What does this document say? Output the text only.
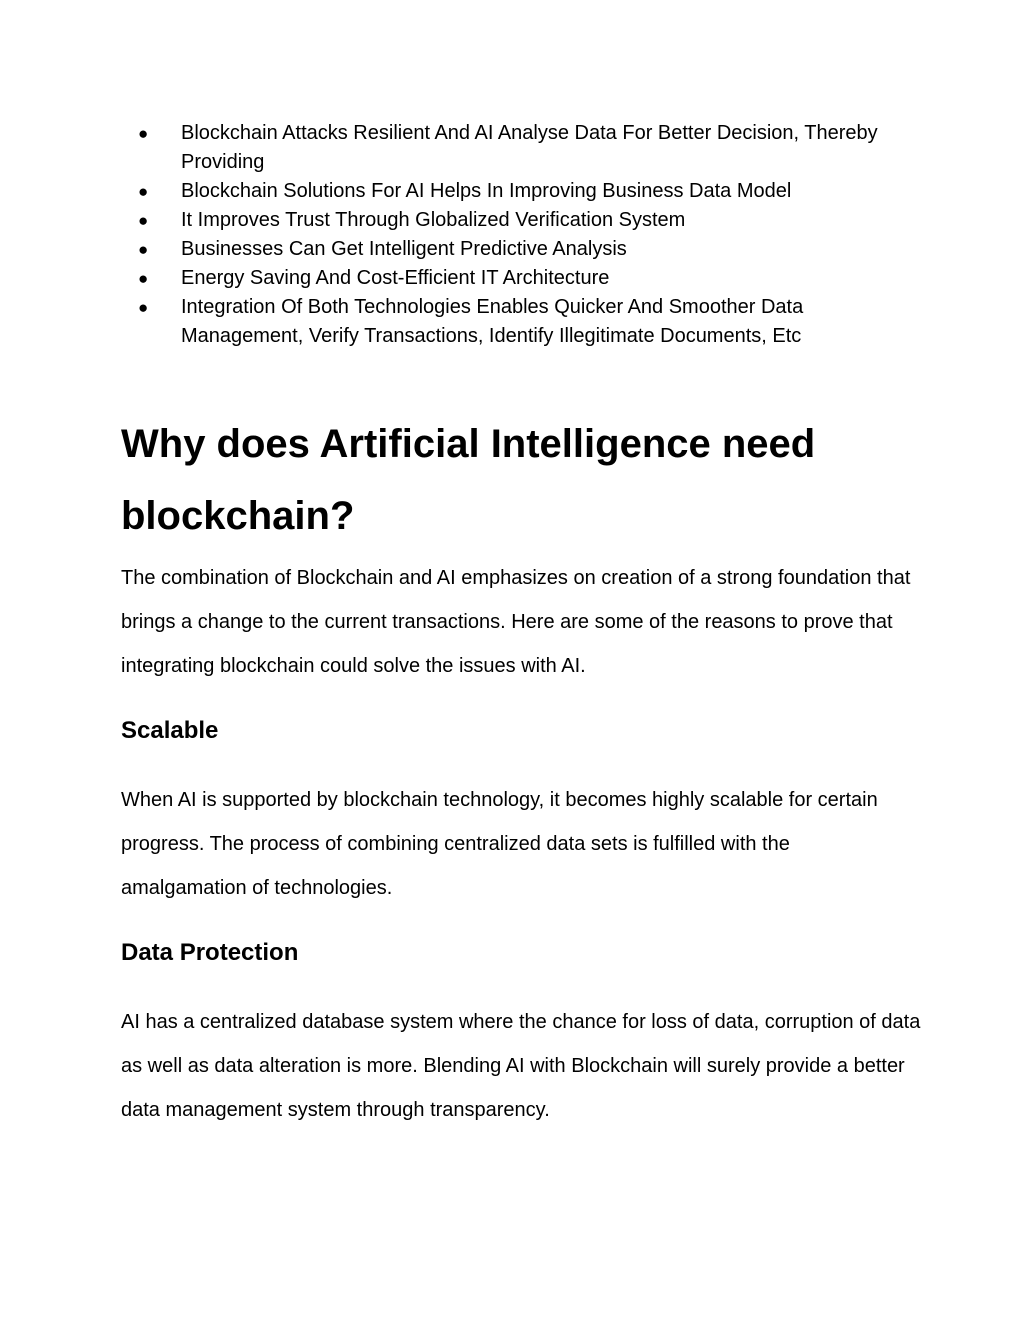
● Blockchain Attacks Resilient And AI Analyse Data For Better Decision, Thereby Providing
● Blockchain Solutions For AI Helps In Improving Business Data Model
● It Improves Trust Through Globalized Verification System
● Businesses Can Get Intelligent Predictive Analysis
● Energy Saving And Cost-Efficient IT Architecture
● Integration Of Both Technologies Enables Quicker And Smoother Data Management, Verify Transactions, Identify Illegitimate Documents, Etc
Why does Artificial Intelligence need blockchain?

The combination of Blockchain and AI emphasizes on creation of a strong foundation that brings a change to the current transactions. Here are some of the reasons to prove that integrating blockchain could solve the issues with AI.

Scalable

When AI is supported by blockchain technology, it becomes highly scalable for certain progress. The process of combining centralized data sets is fulfilled with the amalgamation of technologies.

Data Protection

AI has a centralized database system where the chance for loss of data, corruption of data as well as data alteration is more. Blending AI with Blockchain will surely provide a better data management system through transparency.
